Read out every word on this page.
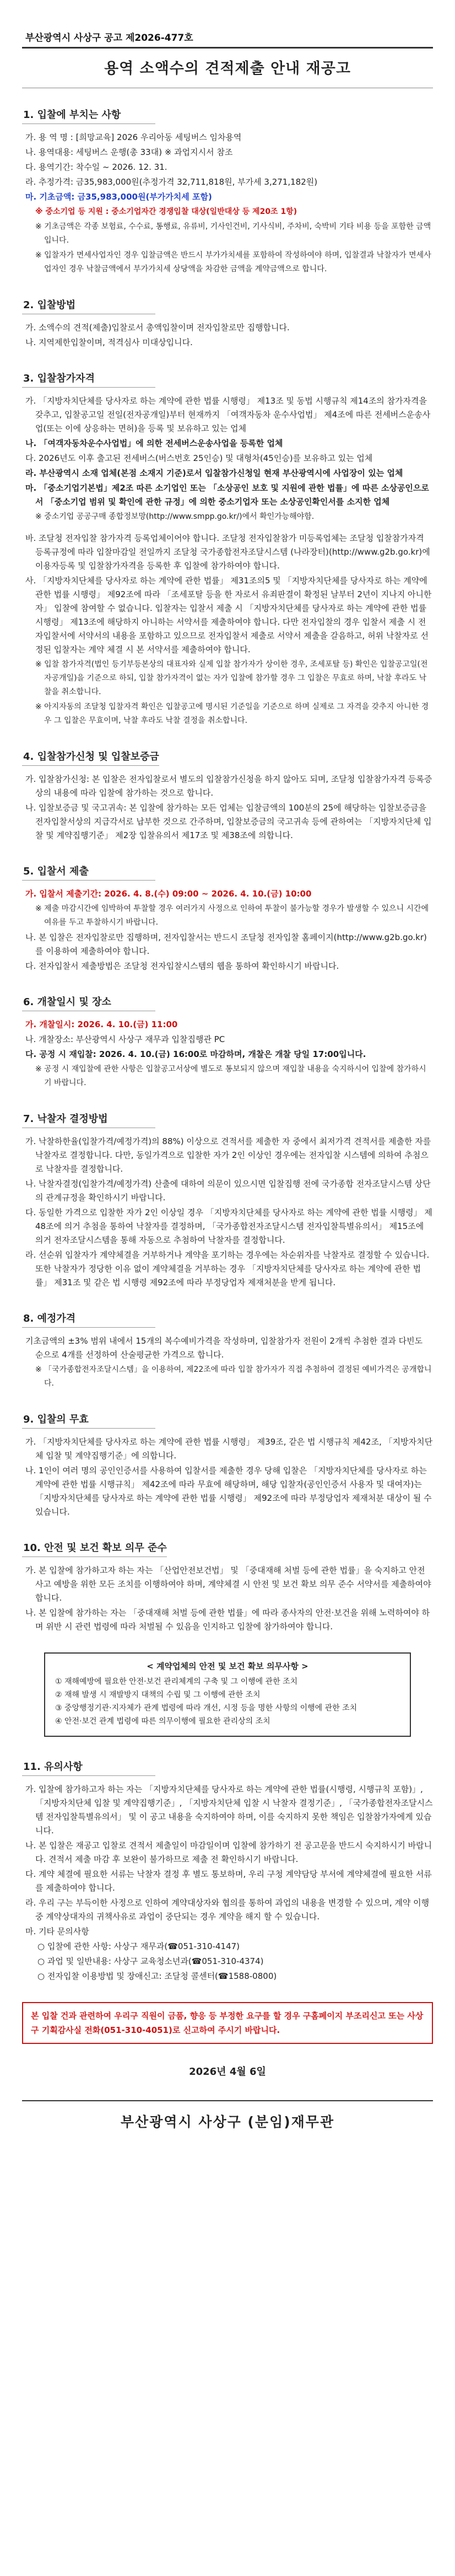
부산광역시 사상구 공고 제2026-477호
용역 소액수의 견적제출 안내 재공고
1. 입찰에 부치는 사항
가. 용 역 명 : [희망교육] 2026 우리아동 세팅버스 임차용역
나. 용역대용: 세팅버스 운행(총 33대) ※ 과업지시서 참조
다. 용역기간: 착수일 ~ 2026. 12. 31.
라. 추정가격: 금35,983,000원(추정가격 32,711,818원, 부가세 3,271,182원)
마. 기초금액: 금35,983,000원(부가가치세 포함)
※ 중소기업 등 지원 : 중소기업자간 경쟁입찰 대상(일반대상 등 제20조 1항)
※ 기초금액은 각종 보험료, 수수료, 통행료, 유류비, 기사인건비, 기사식비, 주차비, 숙박비 기타 비용 등을 포함한 금액입니다.
※ 입찰자가 면세사업자인 경우 입찰금액은 반드시 부가가치세를 포함하여 작성하여야 하며, 입찰결과 낙찰자가 면세사업자인 경우 낙찰금액에서 부가가치세 상당액을 차감한 금액을 계약금액으로 합니다.
2. 입찰방법
가. 소액수의 견적(제출)입찰로서 총액입찰이며 전자입찰로만 집행합니다.
나. 지역제한입찰이며, 적격심사 미대상입니다.
3. 입찰참가자격
가. 「지방자치단체를 당사자로 하는 계약에 관한 법률 시행령」 제13조 및 동법 시행규칙 제14조의 참가자격을 갖추고, 입찰공고일 전일(전자공개일)부터 현재까지 「여객자동차 운수사업법」 제4조에 따른 전세버스운송사업(또는 이에 상응하는 면허)을 등록 및 보유하고 있는 업체
나. 「여객자동차운수사업법」에 의한 전세버스운송사업을 등록한 업체
다. 2026년도 이후 출고된 전세버스(버스번호 25인승) 및 대형차(45인승)를 보유하고 있는 업체
라. 부산광역시 소재 업체(본점 소재지 기준)로서 입찰참가신청일 현재 부산광역시에 사업장이 있는 업체
마. 「중소기업기본법」제2조 따른 소기업인 또는 「소상공인 보호 및 지원에 관한 법률」에 따른 소상공인으로서 「중소기업 범위 및 확인에 관한 규정」에 의한 중소기업자 또는 소상공인확인서를 소지한 업체
※ 중소기업 공공구매 종합정보망(http://www.smpp.go.kr/)에서 확인가능해야함.
바. 조달청 전자입찰 참가자격 등록업체이어야 합니다. 조달청 전자입찰참가 미등록업체는 조달청 입찰참가자격 등록규정에 따라 입찰마감일 전일까지 조달청 국가종합전자조달시스템 (나라장터)(http://www.g2b.go.kr)에 이용자등록 및 입찰참가자격을 등록한 후 입찰에 참가하여야 합니다.
사. 「지방자치단체를 당사자로 하는 계약에 관한 법률」 제31조의5 및 「지방자치단체를 당사자로 하는 계약에 관한 법률 시행령」 제92조에 따라 「조세포탈 등을 한 자로서 유죄판결이 확정된 날부터 2년이 지나지 아니한 자」 입찰에 참여할 수 없습니다. 입찰자는 입찰서 제출 시 「지방자치단체를 당사자로 하는 계약에 관한 법률 시행령」 제13조에 해당하지 아니하는 서약서를 제출하여야 합니다. 다만 전자입찰의 경우 입찰서 제출 시 전자입찰서에 서약서의 내용을 포함하고 있으므로 전자입찰서 제출로 서약서 제출을 갈음하고, 허위 낙찰자로 선정된 입찰자는 계약 체결 시 본 서약서를 제출하여야 합니다.
※ 입찰 참가자격(법인 등기부등본상의 대표자와 실제 입찰 참가자가 상이한 경우, 조세포탈 등) 확인은 입찰공고일(전자공개일)을 기준으로 하되, 입찰 참가자격이 없는 자가 입찰에 참가할 경우 그 입찰은 무효로 하며, 낙찰 후라도 낙찰을 취소합니다.
※ 아지자동의 조달청 입찰자격 확인은 입찰공고에 명시된 기준일을 기준으로 하며 실제로 그 자격을 갖추지 아니한 경우 그 입찰은 무효이며, 낙찰 후라도 낙찰 결정을 취소합니다.
4. 입찰참가신청 및 입찰보증금
가. 입찰참가신청: 본 입찰은 전자입찰로서 별도의 입찰참가신청을 하지 않아도 되며, 조달청 입찰참가자격 등록증상의 내용에 따라 입찰에 참가하는 것으로 합니다.
나. 입찰보증금 및 국고귀속: 본 입찰에 참가하는 모든 업체는 입찰금액의 100분의 25에 해당하는 입찰보증금을 전자입찰서상의 지급각서로 납부한 것으로 간주하며, 입찰보증금의 국고귀속 등에 관하여는 「지방자치단체 입찰 및 계약집행기준」 제2장 입찰유의서 제17조 및 제38조에 의합니다.
5. 입찰서 제출
가. 입찰서 제출기간: 2026. 4. 8.(수) 09:00 ~ 2026. 4. 10.(금) 10:00
※ 제출 마감시간에 임박하여 투찰할 경우 여러가지 사정으로 인하여 투찰이 불가능할 경우가 발생할 수 있으니 시간에 여유를 두고 투찰하시기 바랍니다.
나. 본 입찰은 전자입찰로만 집행하며, 전자입찰서는 반드시 조달청 전자입찰 홈페이지(http://www.g2b.go.kr)를 이용하여 제출하여야 합니다.
다. 전자입찰서 제출방법은 조달청 전자입찰시스템의 웹을 통하여 확인하시기 바랍니다.
6. 개찰일시 및 장소
가. 개찰일시: 2026. 4. 10.(금) 11:00
나. 개찰장소: 부산광역시 사상구 재무과 입찰집행관 PC
다. 공정 시 재입찰: 2026. 4. 10.(금) 16:00로 마감하며, 개찰은 개찰 당일 17:00입니다.
※ 공정 시 재입찰에 관한 사항은 입찰공고서상에 별도로 통보되지 않으며 재입찰 내용을 숙지하시어 입찰에 참가하시기 바랍니다.
7. 낙찰자 결정방법
가. 낙찰하한율(입찰가격/예정가격)의 88%) 이상으로 견적서를 제출한 자 중에서 최저가격 견적서를 제출한 자를 낙찰자로 결정합니다. 다만, 동일가격으로 입찰한 자가 2인 이상인 경우에는 전자입찰 시스템에 의하여 추첨으로 낙찰자를 결정합니다.
나. 낙찰자결정(입찰가격/예정가격) 산출에 대하여 의문이 있으시면 입찰집행 전에 국가종합 전자조달시스템 상단의 관계규정을 확인하시기 바랍니다.
다. 동일한 가격으로 입찰한 자가 2인 이상일 경우 「지방자치단체를 당사자로 하는 계약에 관한 법률 시행령」 제48조에 의거 추첨을 통하여 낙찰자를 결정하며, 「국가종합전자조달시스템 전자입찰특별유의서」 제15조에 의거 전자조달시스템을 통해 자동으로 추첨하여 낙찰자를 결정합니다.
라. 선순위 입찰자가 계약체결을 거부하거나 계약을 포기하는 경우에는 차순위자를 낙찰자로 결정할 수 있습니다. 또한 낙찰자가 정당한 이유 없이 계약체결을 거부하는 경우 「지방자치단체를 당사자로 하는 계약에 관한 법률」 제31조 및 같은 법 시행령 제92조에 따라 부정당업자 제재처분을 받게 됩니다.
8. 예정가격
기초금액의 ±3% 범위 내에서 15개의 복수예비가격을 작성하며, 입찰참가자 전원이 2개씩 추첨한 결과 다빈도 순으로 4개를 선정하여 산술평균한 가격으로 합니다.
※ 「국가종합전자조달시스템」을 이용하여, 제22조에 따라 입찰 참가자가 직접 추첨하여 결정된 예비가격은 공개합니다.
9. 입찰의 무효
가. 「지방자치단체를 당사자로 하는 계약에 관한 법률 시행령」 제39조, 같은 법 시행규칙 제42조, 「지방자치단체 입찰 및 계약집행기준」에 의합니다.
나. 1인이 여러 명의 공인인증서를 사용하여 입찰서를 제출한 경우 당해 입찰은 「지방자치단체를 당사자로 하는 계약에 관한 법률 시행규칙」 제42조에 따라 무효에 해당하며, 해당 입찰자(공인인증서 사용자 및 대여자)는 「지방자치단체를 당사자로 하는 계약에 관한 법률 시행령」 제92조에 따라 부정당업자 제재처분 대상이 될 수 있습니다.
10. 안전 및 보건 확보 의무 준수
가. 본 입찰에 참가하고자 하는 자는 「산업안전보건법」 및 「중대재해 처벌 등에 관한 법률」을 숙지하고 안전사고 예방을 위한 모든 조치를 이행하여야 하며, 계약체결 시 안전 및 보건 확보 의무 준수 서약서를 제출하여야 합니다.
나. 본 입찰에 참가하는 자는 「중대재해 처벌 등에 관한 법률」에 따라 종사자의 안전·보건을 위해 노력하여야 하며 위반 시 관련 법령에 따라 처벌될 수 있음을 인지하고 입찰에 참가하여야 합니다.
< 계약업체의 안전 및 보건 확보 의무사항 >
① 재해예방에 필요한 안전·보건 관리체계의 구축 및 그 이행에 관한 조치
② 재해 발생 시 재발방지 대책의 수립 및 그 이행에 관한 조치
③ 중앙행정기관·지자체가 관계 법령에 따라 개선, 시정 등을 명한 사항의 이행에 관한 조치
④ 안전·보건 관계 법령에 따른 의무이행에 필요한 관리상의 조치
11. 유의사항
가. 입찰에 참가하고자 하는 자는 「지방자치단체를 당사자로 하는 계약에 관한 법률(시행령, 시행규칙 포함)」, 「지방자치단체 입찰 및 계약집행기준」, 「지방자치단체 입찰 시 낙찰자 결정기준」, 「국가종합전자조달시스템 전자입찰특별유의서」 및 이 공고 내용을 숙지하여야 하며, 이를 숙지하지 못한 책임은 입찰참가자에게 있습니다.
나. 본 입찰은 재공고 입찰로 견적서 제출일이 마감일이며 입찰에 참가하기 전 공고문을 반드시 숙지하시기 바랍니다. 견적서 제출 마감 후 보완이 불가하므로 제출 전 확인하시기 바랍니다.
다. 계약 체결에 필요한 서류는 낙찰자 결정 후 별도 통보하며, 우리 구청 계약담당 부서에 계약체결에 필요한 서류를 제출하여야 합니다.
라. 우리 구는 부득이한 사정으로 인하여 계약대상자와 협의를 통하여 과업의 내용을 변경할 수 있으며, 계약 이행 중 계약상대자의 귀책사유로 과업이 중단되는 경우 계약을 해지 할 수 있습니다.
마. 기타 문의사항
○ 입찰에 관한 사항: 사상구 재무과(☎051-310-4147)
○ 과업 및 일반내용: 사상구 교육청소년과(☎051-310-4374)
○ 전자입찰 이용방법 및 장애신고: 조달청 콜센터(☎1588-0800)
본 입찰 건과 관련하여 우리구 직원이 금품, 향응 등 부정한 요구를 할 경우 구홈페이지 부조리신고 또는 사상구 기획감사실 전화(051-310-4051)로 신고하여 주시기 바랍니다.
2026년 4월 6일
부산광역시 사상구 (분임)재무관
